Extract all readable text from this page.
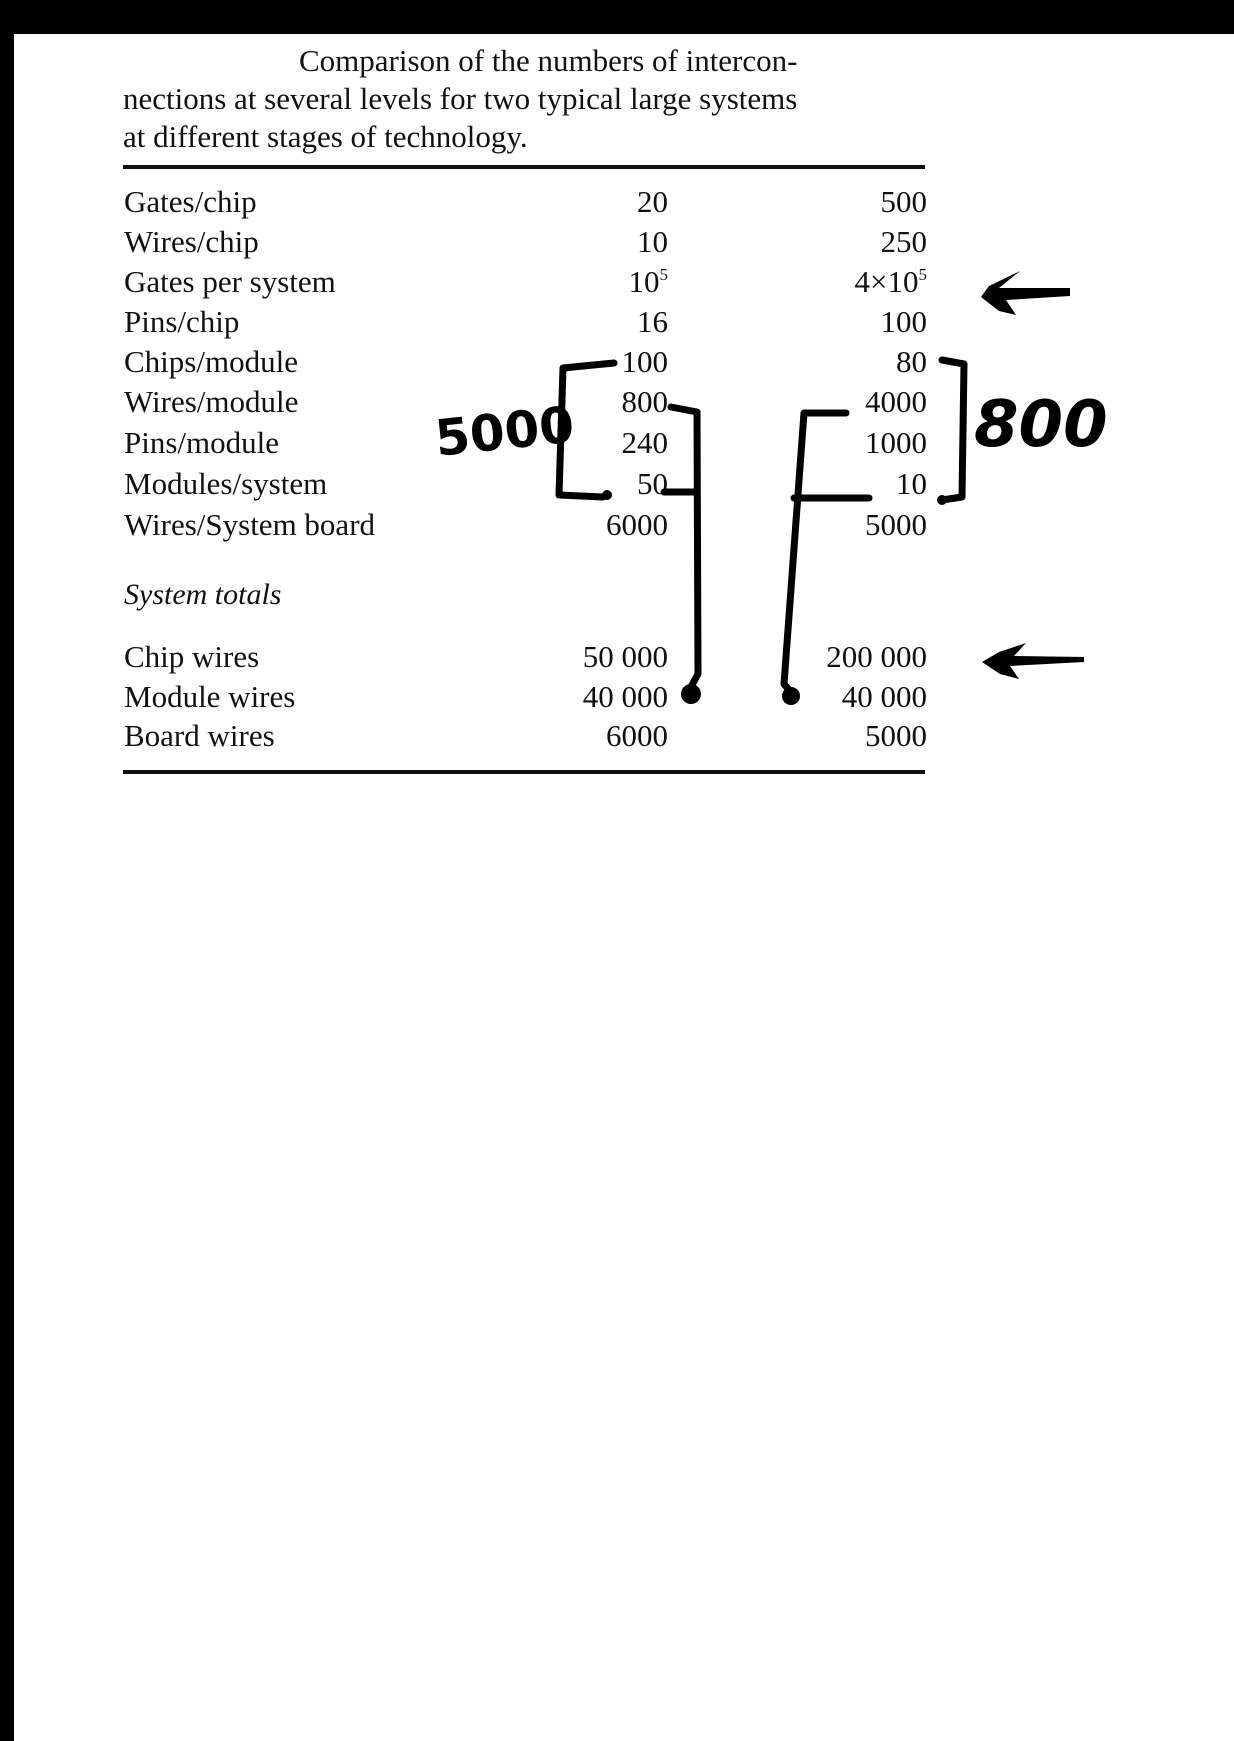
Comparison of the numbers of intercon-
nections at several levels for two typical large systems
at different stages of technology.
Gates/chip	20	500
Wires/chip	10	250
Gates per system	$10^5$	$4\times 10^5$
Pins/chip	16	100
Chips/module	100	80
Wires/module	800	4000
Pins/module	240	1000
Modules/system	50	10
Wires/System board	6000	5000
System totals
Chip wires	50 000	200 000
Module wires	40 000	40 000
Board wires	6000	5000
5000	800
